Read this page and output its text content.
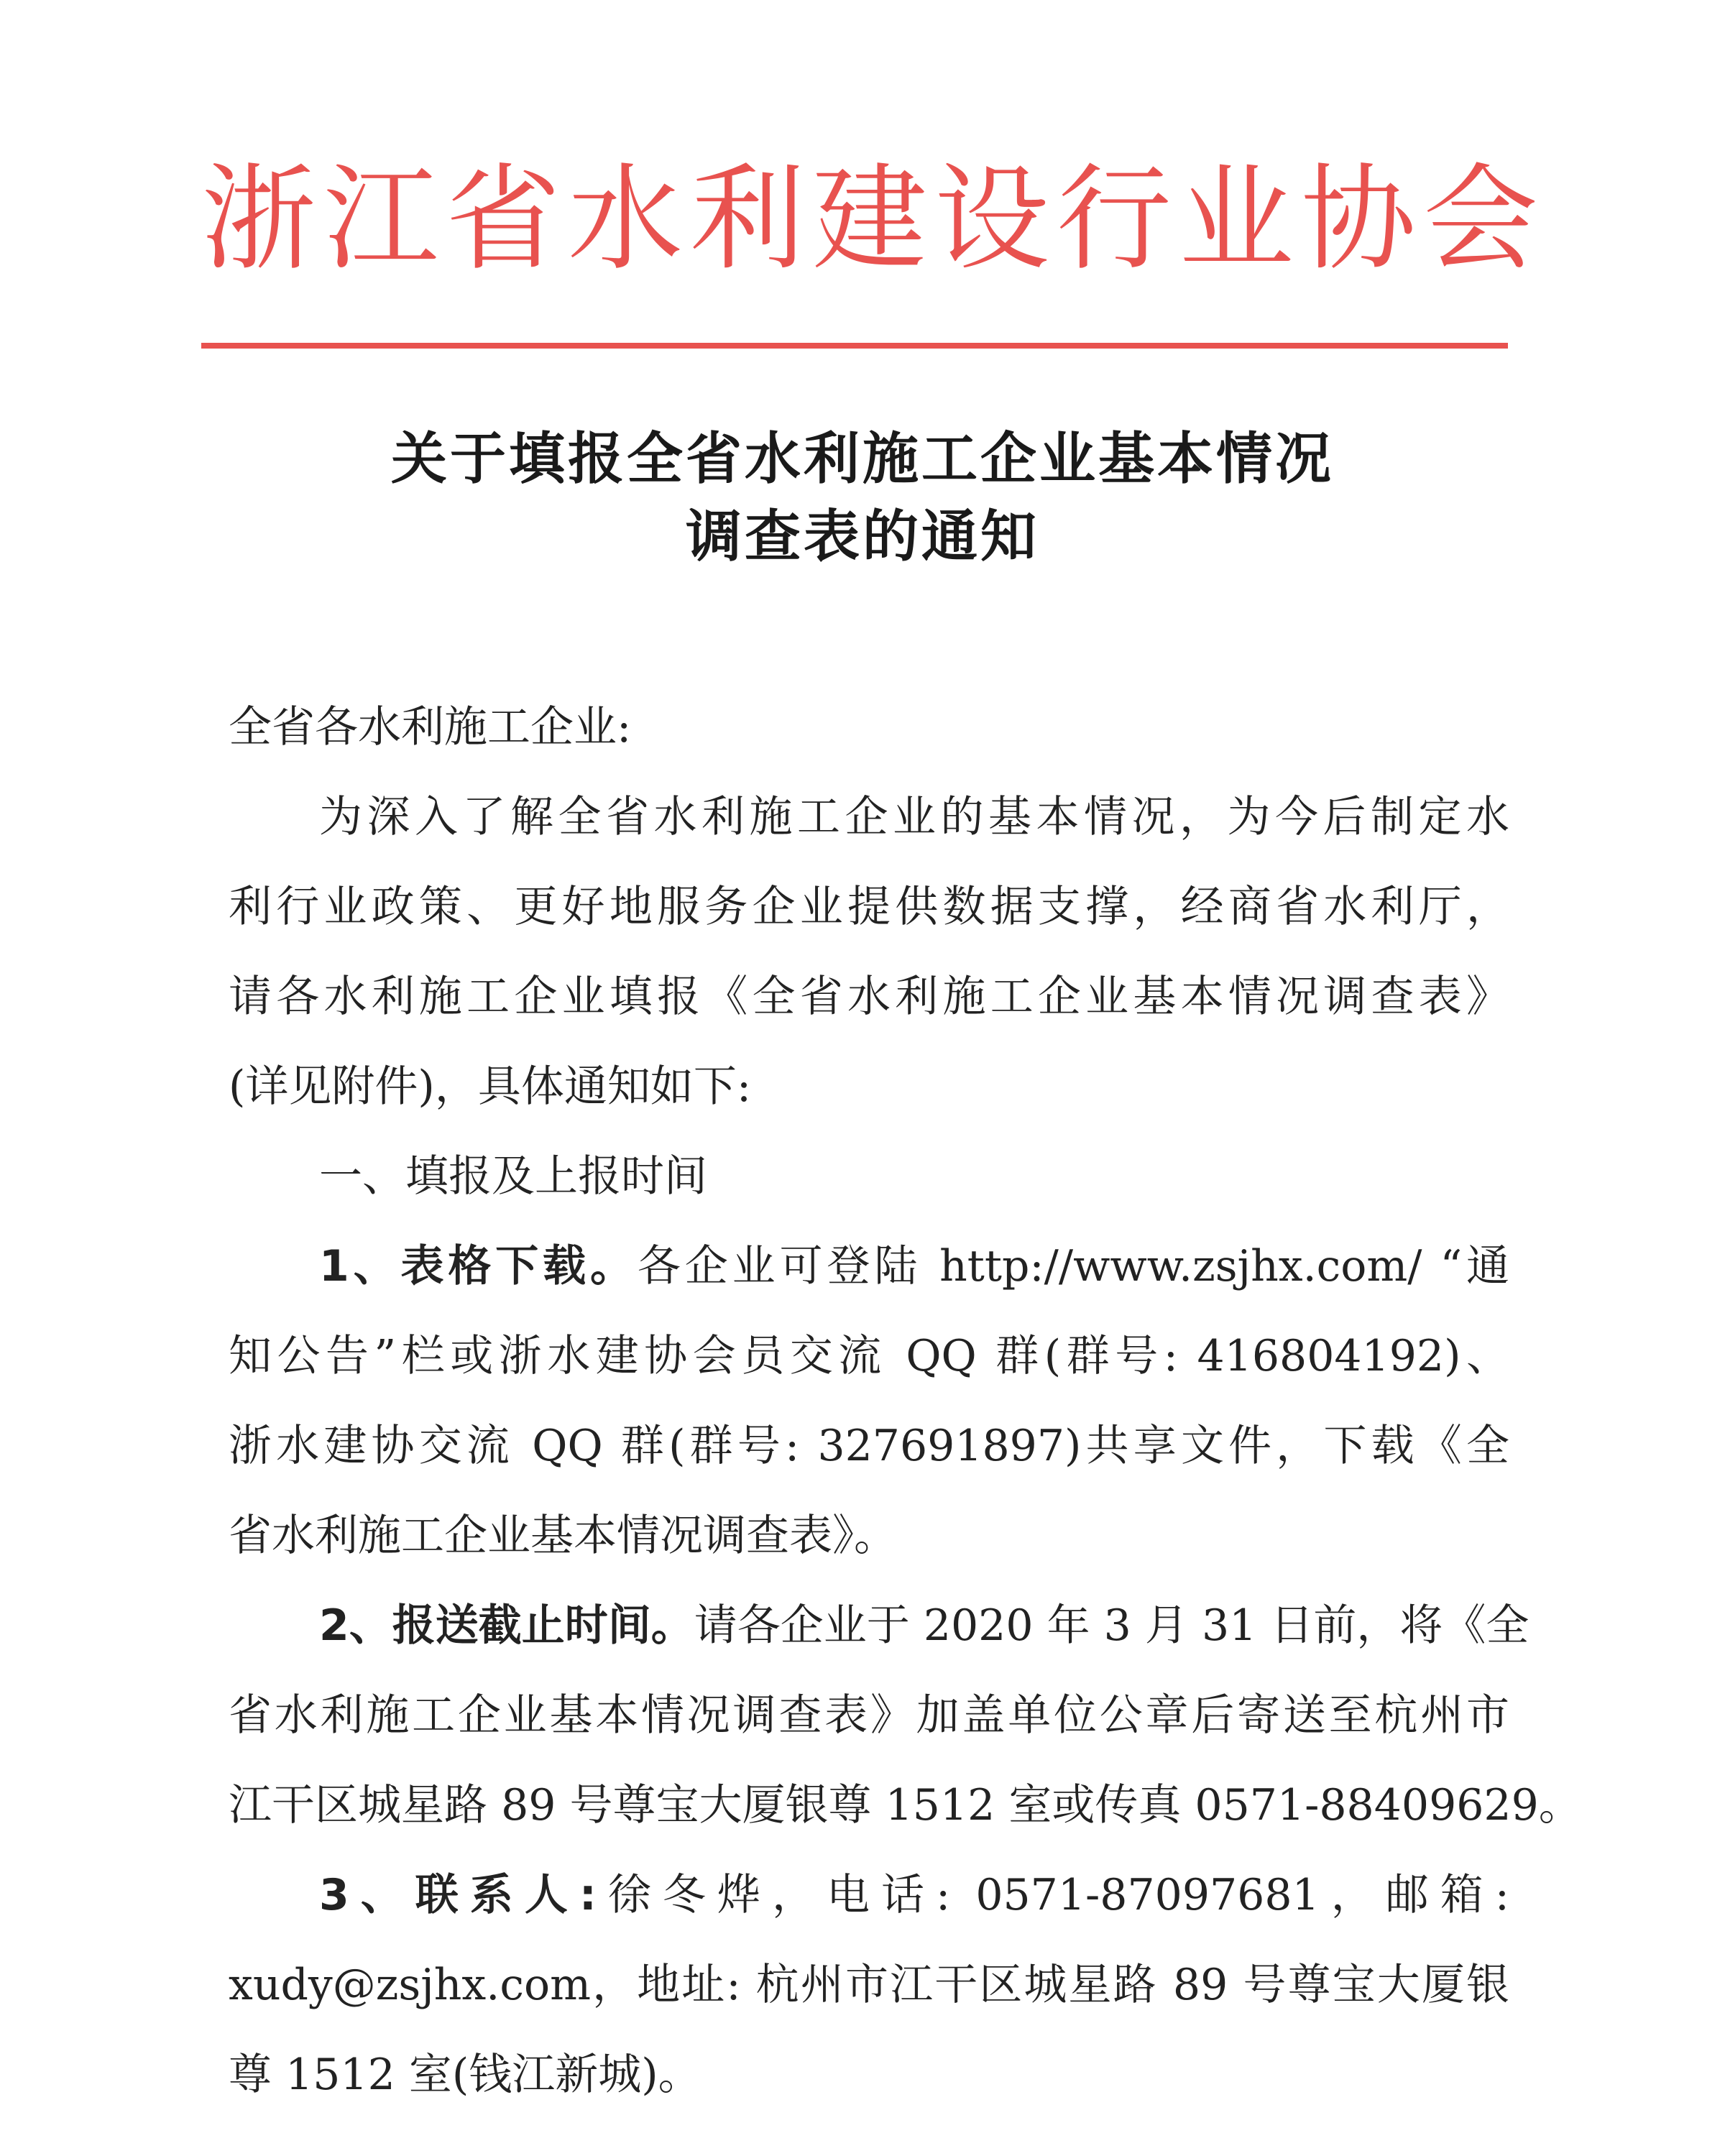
浙江省水利建设行业协会
关于填报全省水利施工企业基本情况
调查表的通知
全省各水利施工企业:
为深入了解全省水利施工企业的基本情况，为今后制定水
利行业政策、更好地服务企业提供数据支撑，经商省水利厅，
请各水利施工企业填报《全省水利施工企业基本情况调查表》
(详见附件)，具体通知如下:
一、填报及上报时间
1、表格下载。各企业可登陆 http://www.zsjhx.com/ “通
知公告”栏或浙水建协会员交流 QQ 群(群号: 416804192)、
浙水建协交流 QQ 群(群号: 327691897)共享文件，下载《全
省水利施工企业基本情况调查表》。
2、报送截止时间。请各企业于 2020 年 3 月 31 日前，将《全
省水利施工企业基本情况调查表》加盖单位公章后寄送至杭州市
江干区城星路 89 号尊宝大厦银尊 1512 室或传真 0571-88409629。
3、联系人:徐冬烨，电话: 0571-87097681，邮箱:
xudy@zsjhx.com，地址: 杭州市江干区城星路 89 号尊宝大厦银
尊 1512 室(钱江新城)。
